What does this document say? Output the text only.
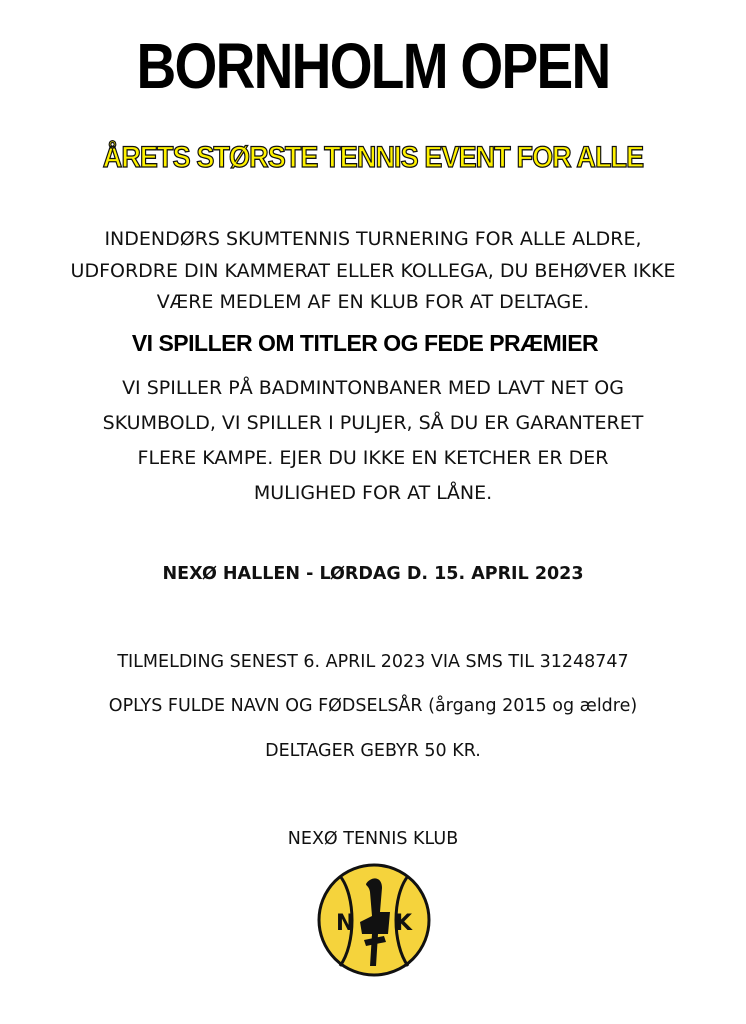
BORNHOLM OPEN
ÅRETS STØRSTE TENNIS EVENT FOR ALLE

INDENDØRS SKUMTENNIS TURNERING FOR ALLE ALDRE, UDFORDRE DIN KAMMERAT ELLER KOLLEGA, DU BEHØVER IKKE VÆRE MEDLEM AF EN KLUB FOR AT DELTAGE.

VI SPILLER OM TITLER OG FEDE PRÆMIER

VI SPILLER PÅ BADMINTONBANER MED LAVT NET OG SKUMBOLD, VI SPILLER I PULJER, SÅ DU ER GARANTERET FLERE KAMPE. EJER DU IKKE EN KETCHER ER DER MULIGHED FOR AT LÅNE.

NEXØ HALLEN - LØRDAG D. 15. APRIL 2023
TILMELDING SENEST 6. APRIL 2023 VIA SMS TIL 31248747
OPLYS FULDE NAVN OG FØDSELSÅR (årgang 2015 og ældre)
DELTAGER GEBYR 50 KR.
NEXØ TENNIS KLUB
N K
